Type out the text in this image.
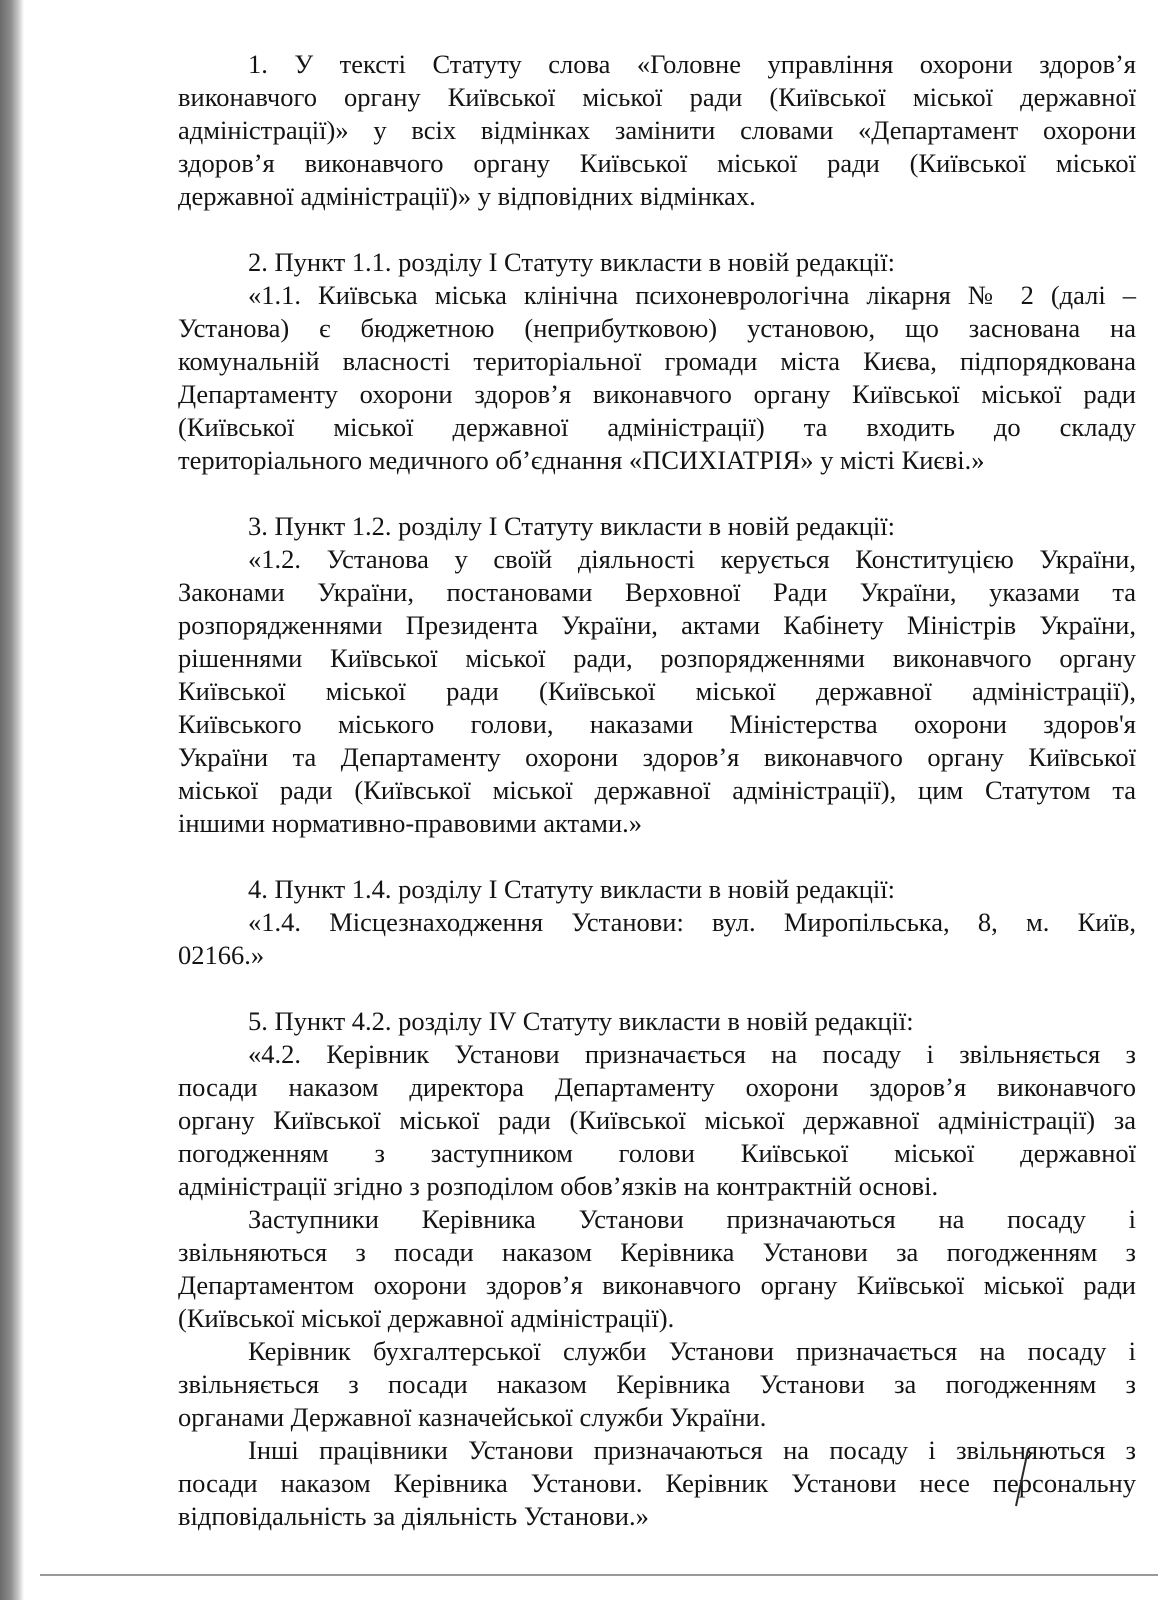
1. У тексті Статуту слова «Головне управління охорони здоров’я

виконавчого органу Київської міської ради (Київської міської державної

адміністрації)» у всіх відмінках замінити словами «Департамент охорони

здоров’я виконавчого органу Київської міської ради (Київської міської

державної адміністрації)» у відповідних відмінках.

2. Пункт 1.1. розділу І Статуту викласти в новій редакції:

«1.1. Київська міська клінічна психоневрологічна лікарня № 2 (далі –

Установа) є бюджетною (неприбутковою) установою, що заснована на

комунальній власності територіальної громади міста Києва, підпорядкована

Департаменту охорони здоров’я виконавчого органу Київської міської ради

(Київської міської державної адміністрації) та входить до складу

територіального медичного об’єднання «ПСИХІАТРІЯ» у місті Києві.»

3. Пункт 1.2. розділу І Статуту викласти в новій редакції:

«1.2. Установа у своїй діяльності керується Конституцією України,

Законами України, постановами Верховної Ради України, указами та

розпорядженнями Президента України, актами Кабінету Міністрів України,

рішеннями Київської міської ради, розпорядженнями виконавчого органу

Київської міської ради (Київської міської державної адміністрації),

Київського міського голови, наказами Міністерства охорони здоров'я

України та Департаменту охорони здоров’я виконавчого органу Київської

міської ради (Київської міської державної адміністрації), цим Статутом та

іншими нормативно-правовими актами.»

4. Пункт 1.4. розділу І Статуту викласти в новій редакції:

«1.4. Місцезнаходження Установи: вул. Миропільська, 8, м. Київ,

02166.»

5. Пункт 4.2. розділу IV Статуту викласти в новій редакції:

«4.2. Керівник Установи призначається на посаду і звільняється з

посади наказом директора Департаменту охорони здоров’я виконавчого

органу Київської міської ради (Київської міської державної адміністрації) за

погодженням з заступником голови Київської міської державної

адміністрації згідно з розподілом обов’язків на контрактній основі.

Заступники Керівника Установи призначаються на посаду і

звільняються з посади наказом Керівника Установи за погодженням з

Департаментом охорони здоров’я виконавчого органу Київської міської ради

(Київської міської державної адміністрації).

Керівник бухгалтерської служби Установи призначається на посаду і

звільняється з посади наказом Керівника Установи за погодженням з

органами Державної казначейської служби України.

Інші працівники Установи призначаються на посаду і звільняються з

посади наказом Керівника Установи. Керівник Установи несе персональну

відповідальність за діяльність Установи.»
